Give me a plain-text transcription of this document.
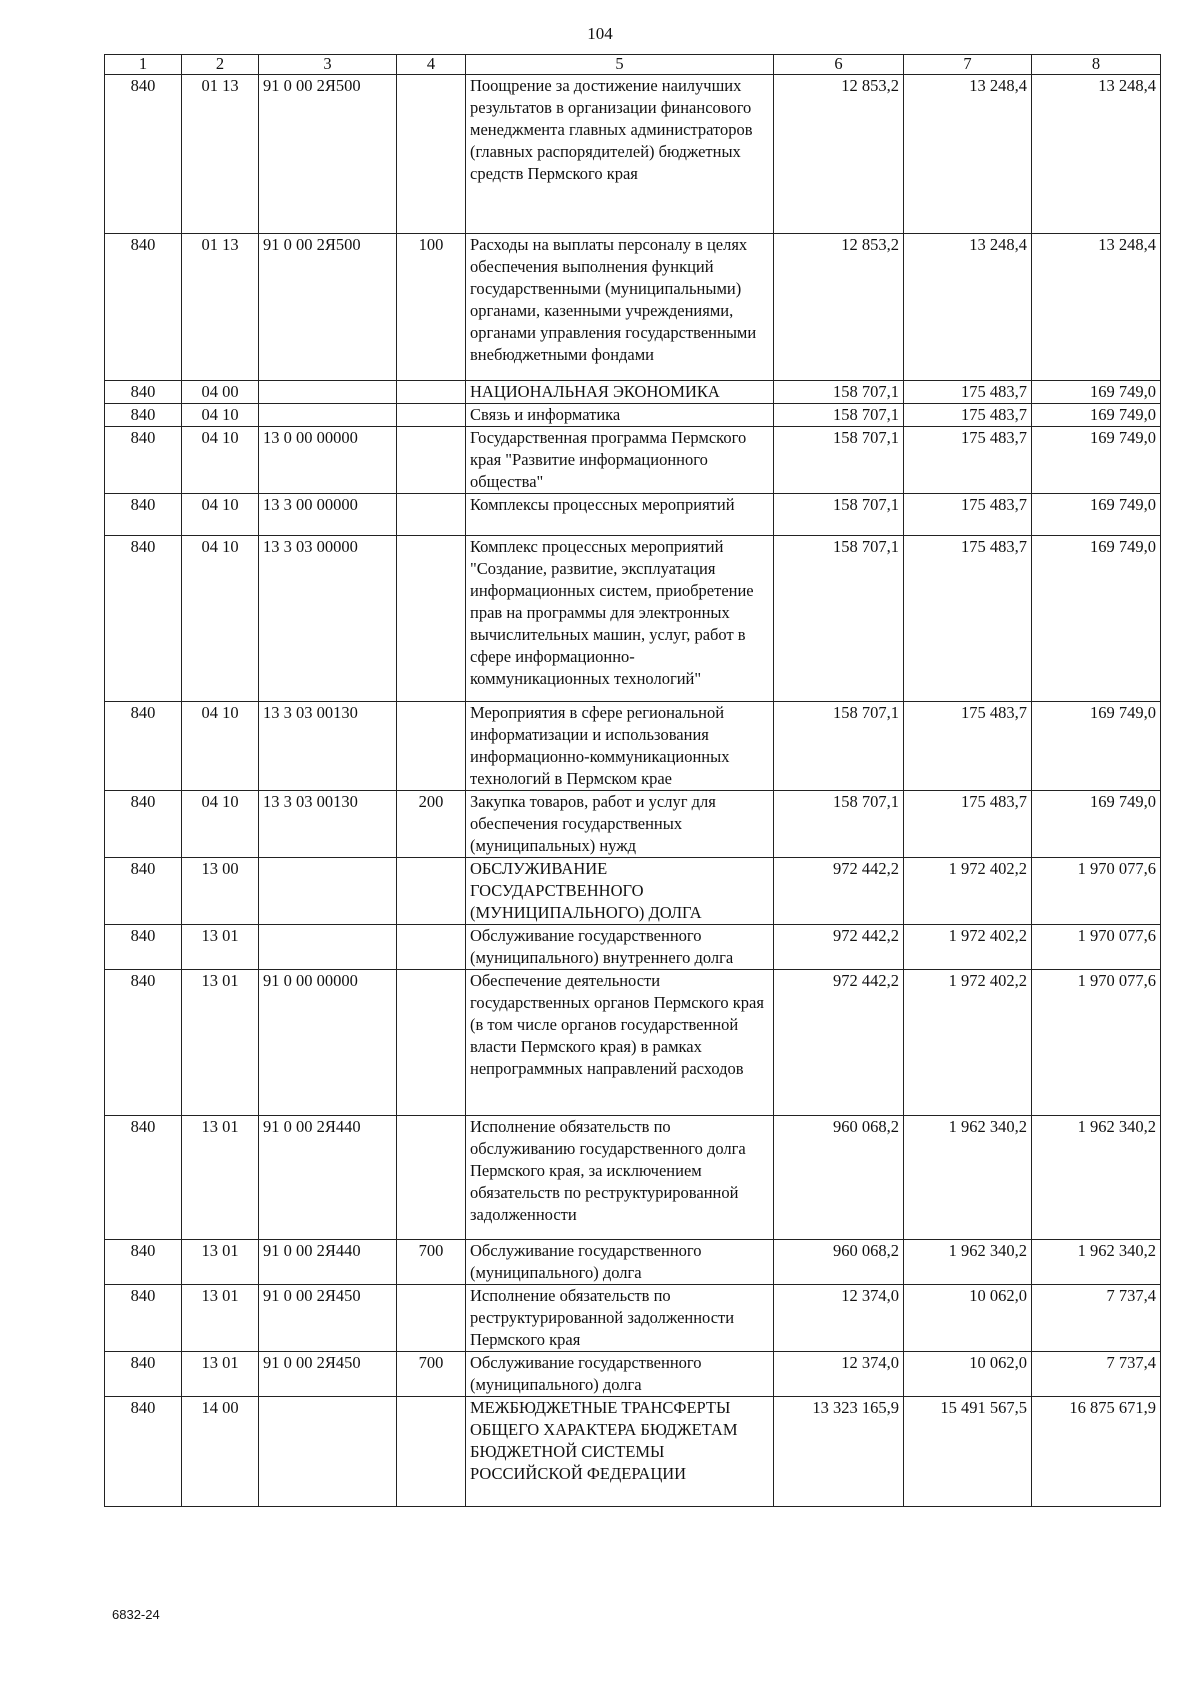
104
1	2	3	4	5	6	7	8
840	01 13	91 0 00 2Я500		Поощрение за достижение наилучших результатов в организации финансового менеджмента главных администраторов (главных распорядителей) бюджетных средств Пермского края	12 853,2	13 248,4	13 248,4
840	01 13	91 0 00 2Я500	100	Расходы на выплаты персоналу в целях обеспечения выполнения функций государственными (муниципальными) органами, казенными учреждениями, органами управления государственными внебюджетными фондами	12 853,2	13 248,4	13 248,4
840	04 00			НАЦИОНАЛЬНАЯ ЭКОНОМИКА	158 707,1	175 483,7	169 749,0
840	04 10			Связь и информатика	158 707,1	175 483,7	169 749,0
840	04 10	13 0 00 00000		Государственная программа Пермского края "Развитие информационного общества"	158 707,1	175 483,7	169 749,0
840	04 10	13 3 00 00000		Комплексы процессных мероприятий	158 707,1	175 483,7	169 749,0
840	04 10	13 3 03 00000		Комплекс процессных мероприятий "Создание, развитие, эксплуатация информационных систем, приобретение прав на программы для электронных вычислительных машин, услуг, работ в сфере информационно-коммуникационных технологий"	158 707,1	175 483,7	169 749,0
840	04 10	13 3 03 00130		Мероприятия в сфере региональной информатизации и использования информационно-коммуникационных технологий в Пермском крае	158 707,1	175 483,7	169 749,0
840	04 10	13 3 03 00130	200	Закупка товаров, работ и услуг для обеспечения государственных (муниципальных) нужд	158 707,1	175 483,7	169 749,0
840	13 00			ОБСЛУЖИВАНИЕ ГОСУДАРСТВЕННОГО (МУНИЦИПАЛЬНОГО) ДОЛГА	972 442,2	1 972 402,2	1 970 077,6
840	13 01			Обслуживание государственного (муниципального) внутреннего долга	972 442,2	1 972 402,2	1 970 077,6
840	13 01	91 0 00 00000		Обеспечение деятельности государственных органов Пермского края (в том числе органов государственной власти Пермского края) в рамках непрограммных направлений расходов	972 442,2	1 972 402,2	1 970 077,6
840	13 01	91 0 00 2Я440		Исполнение обязательств по обслуживанию государственного долга Пермского края, за исключением обязательств по реструктурированной задолженности	960 068,2	1 962 340,2	1 962 340,2
840	13 01	91 0 00 2Я440	700	Обслуживание государственного (муниципального) долга	960 068,2	1 962 340,2	1 962 340,2
840	13 01	91 0 00 2Я450		Исполнение обязательств по реструктурированной задолженности Пермского края	12 374,0	10 062,0	7 737,4
840	13 01	91 0 00 2Я450	700	Обслуживание государственного (муниципального) долга	12 374,0	10 062,0	7 737,4
840	14 00			МЕЖБЮДЖЕТНЫЕ ТРАНСФЕРТЫ ОБЩЕГО ХАРАКТЕРА БЮДЖЕТАМ БЮДЖЕТНОЙ СИСТЕМЫ РОССИЙСКОЙ ФЕДЕРАЦИИ	13 323 165,9	15 491 567,5	16 875 671,9
6832-24
